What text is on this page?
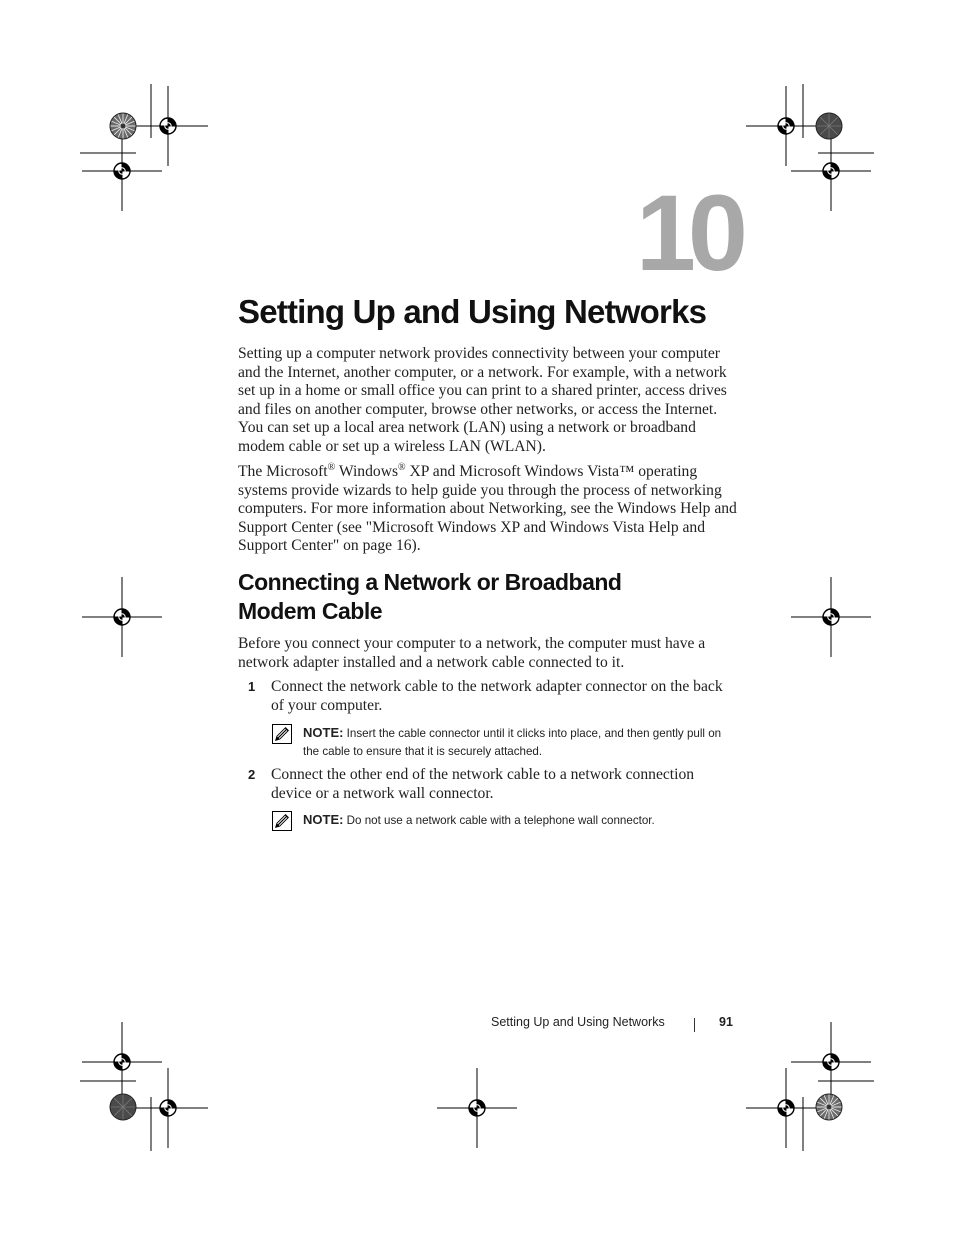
10
Setting Up and Using Networks

Setting up a computer network provides connectivity between your computer and the Internet, another computer, or a network. For example, with a network set up in a home or small office you can print to a shared printer, access drives and files on another computer, browse other networks, or access the Internet. You can set up a local area network (LAN) using a network or broadband modem cable or set up a wireless LAN (WLAN).

The Microsoft® Windows® XP and Microsoft Windows Vista™ operating systems provide wizards to help guide you through the process of networking computers. For more information about Networking, see the Windows Help and Support Center (see "Microsoft Windows XP and Windows Vista Help and Support Center" on page 16).

Connecting a Network or Broadband Modem Cable

Before you connect your computer to a network, the computer must have a network adapter installed and a network cable connected to it.

1 Connect the network cable to the network adapter connector on the back of your computer.

NOTE: Insert the cable connector until it clicks into place, and then gently pull on the cable to ensure that it is securely attached.

2 Connect the other end of the network cable to a network connection device or a network wall connector.

NOTE: Do not use a network cable with a telephone wall connector.

Setting Up and Using Networks	91
